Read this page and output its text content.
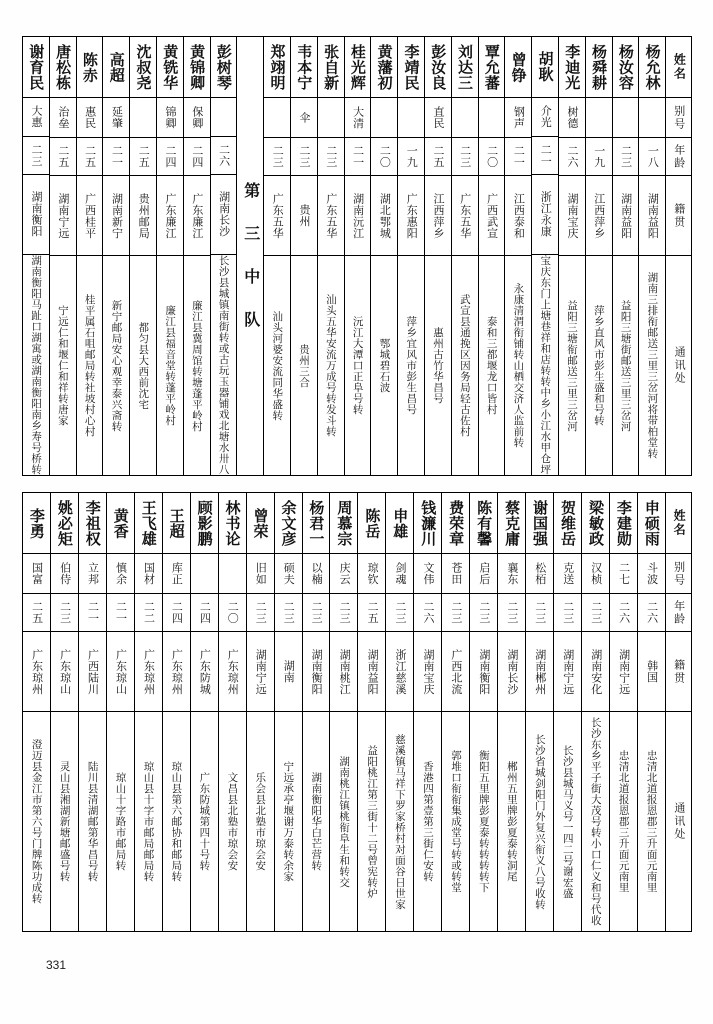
谢育民
大惠
二三
湖南衡阳
湖南衡阳马趾口湖寓或湖南衡阳南乡寿号桥转
唐松栋
治垒
二五
湖南宁远
宁远仁和堰仁和祥转唐家
陈赤
惠民
二五
广西桂平
桂平属石咀邮局转社坡村心村
高超
延肇
二一
湖南新宁
新宁邮局安心观幸泰兴斋转
沈叔尧
二五
贵州邮局
都匀县大西前沈宅
黄铣华
锦卿
二四
广东廉江
廉江县福音堂转蓬平岭村
黄锦卿
保卿
二四
广东廉江
廉江县冀周馆转塘蓬平岭村
彭树琴
二六
湖南长沙
长沙县城镇南街转或古玩玉器铺戏北塘水卅八 第 三 中 队
郑翊明
二三
广东五华
汕头河婆安流同华盛转
韦本宁
伞
二三
贵州
贵州三合
张自新
二三
广东五华
汕头五华安流万成号转发斗转
桂光辉
大清
二一
湖南沅江
沅江大潭口正阜号转
黄藩初
二〇
湖北鄂城
鄂城碧石波
李靖民
一九
广东惠阳
萍乡宜风市彭生昌号
彭汝良
直民
二五
江西萍乡
惠州古竹华昌号
刘达三
二三
广东五华
武宣县通挽区因务局轻古佐村
覃允蕃
二〇
广西武宣
泰和三都堰龙口皆村
曾铮
钢声
二一
江西泰和
永康清渭衔铺转山栖交济人监前转
胡耿
介光
二一
浙江永康
宝庆东门上塘巷祥和店转转中乡小江水甲仓坪
李迪光
树德
二六
湖南宝庆
益阳三塘衔邮送三里三岔河
杨舜耕
一九
江西萍乡
萍乡直风市彭生盛和号转
杨汝容
二三
湖南益阳
益阳三塘街邮送三里三岔河
杨允林
一八
湖南益阳
湖南三排衔邮送三里三岔河将带柏堂转
姓名
别号
年龄
籍贯
通讯处
李勇
国富
二五
广东琼州
澄迈县金江市第六号门牌陈功成转
姚必矩
伯侍
二三
广东琼山
灵山县湘湖新塘邮盛号转
李祖权
立邦
二一
广西陆川
陆川县清湖邮第华昌号转
黄香
慎余
二一
广东琼山
琼山十字路市邮局转
王飞雄
国材
二二
广东琼州
琼山县十字市邮局邮局转
王超
库正
二四
广东琼州
琼山县第六邮协和邮局转
顾影鹏
二四
广东防城
广东防城第四十号转
林书论
二〇
广东琼州
文昌县北塾市琼会安
曾荣
旧如
二三
湖南宁远
乐会县北塾市琼会安
余文彦
硕夫
二三
湖南
宁远承亭堰谢万泰转余家
杨君一
以楠
二三
湖南衡阳
湖南衡阳华白芒营转
周慕宗
庆云
二三
湖南桃江
湖南桃江镇桃衔阜生和转交
陈岳
琼钦
二五
湖南益阳
益阳桃江第三街十二号曾宪转炉
申雄
剑魂
二三
浙江慈溪
慈溪镇马祥下罗家桥村对面谷日世家
钱濂川
文伟
二六
湖南宝庆
香港四第壹第三街仁安转
费荣章
苍田
二三
广西北流
郭堆口衔衔集成堂号转或转堂
陈有馨
启后
二三
湖南衡阳
衡阳五里牌彭夏泰转转转转下
蔡克庸
襄东
二三
湖南长沙
郴州五里牌彭夏泰转洞尾
谢国强
松栢
二三
湖南郴州
长沙省城剑阳门外复兴衔义八号收转
贺维岳
克送
二三
湖南宁远
长沙县城马义号一四二号谢宏盛
梁敏政
汉桢
二三
湖南安化
长沙东乡平子街大茂号转小口仁义和号代收
李建勋
二七
二六
湖南宁远
忠清北道报恩郡三升面元南里
申硕雨
斗波
二六
韩国
忠清北道报恩郡三升面元南里
姓名
别号
年龄
籍贯
通讯处
331
